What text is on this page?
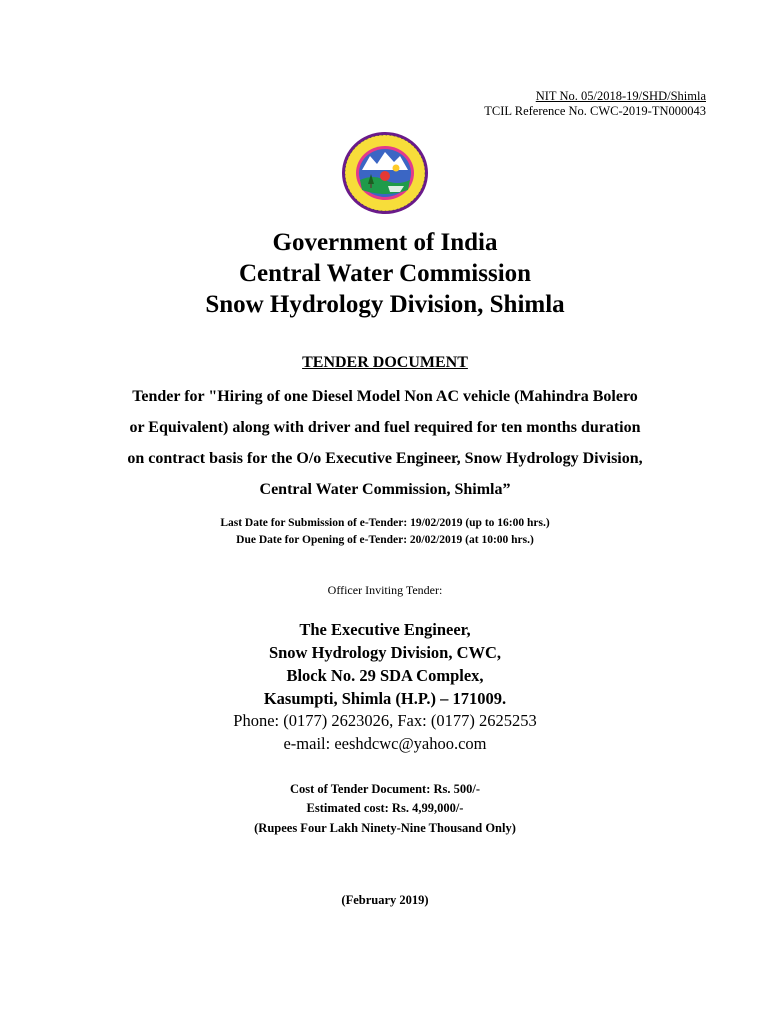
NIT No. 05/2018-19/SHD/Shimla
TCIL Reference No. CWC-2019-TN000043
Government of India
Central Water Commission
Snow Hydrology Division, Shimla
TENDER DOCUMENT
Tender for "Hiring of one Diesel Model Non AC vehicle (Mahindra Bolero
or Equivalent) along with driver and fuel required for ten months duration
on contract basis for the O/o Executive Engineer, Snow Hydrology Division,
Central Water Commission, Shimla”
Last Date for Submission of e-Tender: 19/02/2019 (up to 16:00 hrs.)
Due Date for Opening of e-Tender: 20/02/2019 (at 10:00 hrs.)
Officer Inviting Tender:
The Executive Engineer,
Snow Hydrology Division, CWC,
Block No. 29 SDA Complex,
Kasumpti, Shimla (H.P.) – 171009.
Phone: (0177) 2623026, Fax: (0177) 2625253
e-mail: eeshdcwc@yahoo.com
Cost of Tender Document: Rs. 500/-
Estimated cost: Rs. 4,99,000/-
(Rupees Four Lakh Ninety-Nine Thousand Only)
(February 2019)
